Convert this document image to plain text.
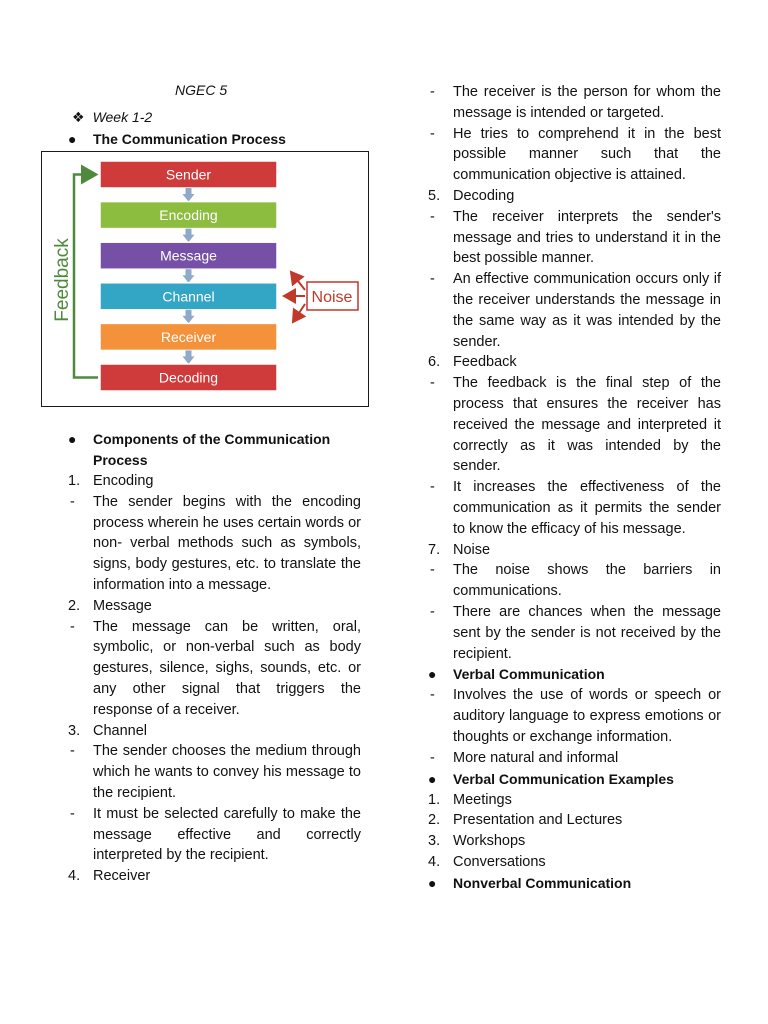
NGEC 5
❖ Week 1-2
● The Communication Process
Sender
Encoding
Message
Channel
Receiver
Decoding
Feedback	Noise
● Components of the Communication Process
1. Encoding
- The sender begins with the encoding process wherein he uses certain words or non- verbal methods such as symbols, signs, body gestures, etc. to translate the information into a message.
2. Message
- The message can be written, oral, symbolic, or non-verbal such as body gestures, silence, sighs, sounds, etc. or any other signal that triggers the response of a receiver.
3. Channel
- The sender chooses the medium through which he wants to convey his message to the recipient.
- It must be selected carefully to make the message effective and correctly interpreted by the recipient.
4. Receiver
- The receiver is the person for whom the message is intended or targeted.
- He tries to comprehend it in the best possible manner such that the communication objective is attained.
5. Decoding
- The receiver interprets the sender's message and tries to understand it in the best possible manner.
- An effective communication occurs only if the receiver understands the message in the same way as it was intended by the sender.
6. Feedback
- The feedback is the final step of the process that ensures the receiver has received the message and interpreted it correctly as it was intended by the sender.
- It increases the effectiveness of the communication as it permits the sender to know the efficacy of his message.
7. Noise
- The noise shows the barriers in communications.
- There are chances when the message sent by the sender is not received by the recipient.
● Verbal Communication
- Involves the use of words or speech or auditory language to express emotions or thoughts or exchange information.
- More natural and informal
● Verbal Communication Examples
1. Meetings
2. Presentation and Lectures
3. Workshops
4. Conversations
● Nonverbal Communication
